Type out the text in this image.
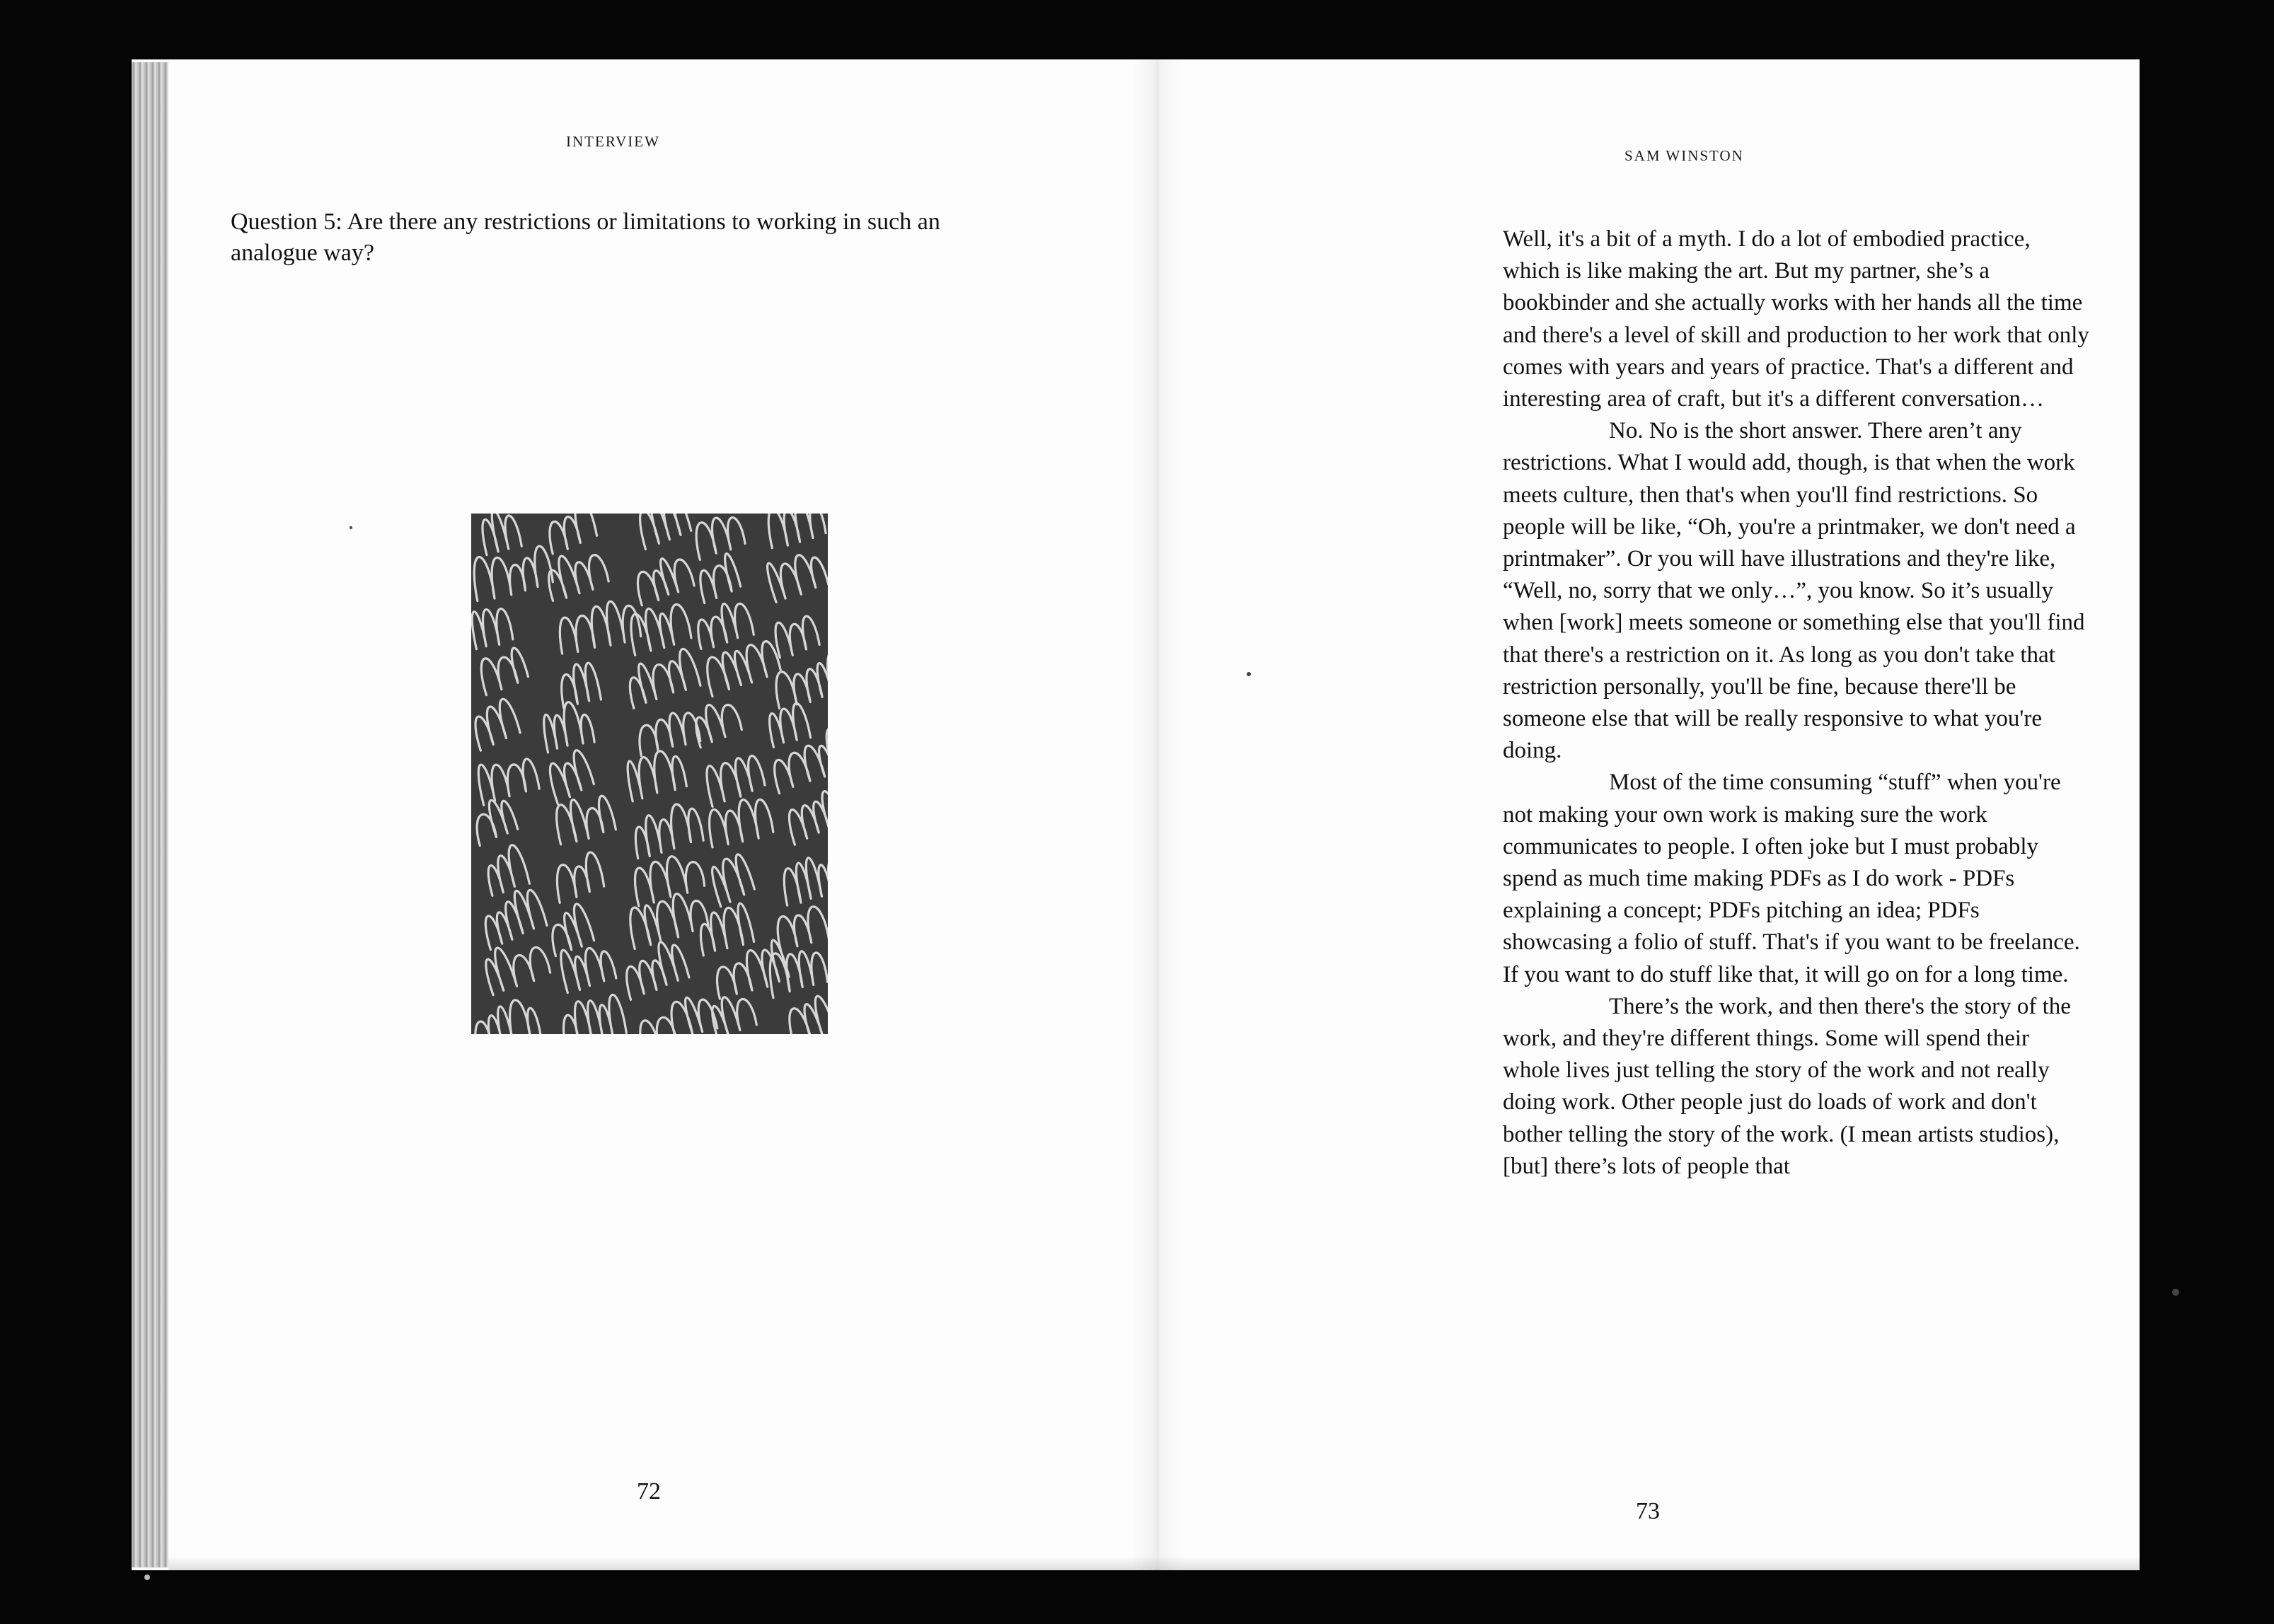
INTERVIEW

Question 5: Are there any restrictions or limitations to working in such an analogue way?

72

SAM WINSTON

Well, it's a bit of a myth. I do a lot of embodied practice, which is like making the art. But my partner, she’s a bookbinder and she actually works with her hands all the time and there's a level of skill and production to her work that only comes with years and years of practice. That's a different and interesting area of craft, but it's a different conversation…

No. No is the short answer. There aren’t any restrictions. What I would add, though, is that when the work meets culture, then that's when you'll find restrictions. So people will be like, “Oh, you're a printmaker, we don't need a printmaker”. Or you will have illustrations and they're like, “Well, no, sorry that we only…”, you know. So it’s usually when [work] meets someone or something else that you'll find that there's a restriction on it. As long as you don't take that restriction personally, you'll be fine, because there'll be someone else that will be really responsive to what you're doing.

Most of the time consuming “stuff” when you're not making your own work is making sure the work communicates to people. I often joke but I must probably spend as much time making PDFs as I do work - PDFs explaining a concept; PDFs pitching an idea; PDFs showcasing a folio of stuff. That's if you want to be freelance. If you want to do stuff like that, it will go on for a long time.

There’s the work, and then there's the story of the work, and they're different things. Some will spend their whole lives just telling the story of the work and not really doing work. Other people just do loads of work and don't bother telling the story of the work. (I mean artists studios), [but] there’s lots of people that

73
